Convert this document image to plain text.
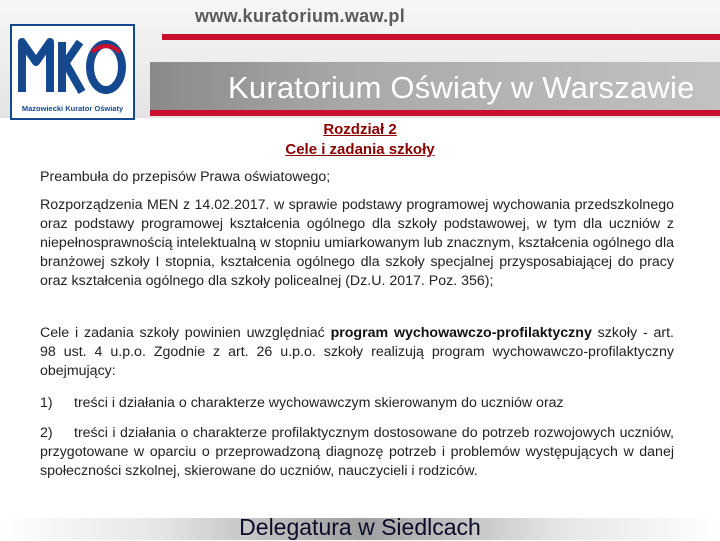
www.kuratorium.waw.pl
Kuratorium Oświaty w Warszawie
Mazowiecki Kurator Oświaty
Rozdział 2
Cele i zadania szkoły
Preambuła do przepisów Prawa oświatowego;
Rozporządzenia MEN z 14.02.2017. w sprawie podstawy programowej wychowania przedszkolnego oraz podstawy programowej kształcenia ogólnego dla szkoły podstawowej, w tym dla uczniów z niepełnosprawnością intelektualną w stopniu umiarkowanym lub znacznym, kształcenia ogólnego dla branżowej szkoły I stopnia, kształcenia ogólnego dla szkoły specjalnej przysposabiającej do pracy oraz kształcenia ogólnego dla szkoły policealnej (Dz.U. 2017. Poz. 356);
Cele i zadania szkoły powinien uwzględniać program wychowawczo-profilaktyczny szkoły - art. 98 ust. 4 u.p.o. Zgodnie z art. 26 u.p.o. szkoły realizują program wychowawczo-profilaktyczny obejmujący:
1) treści i działania o charakterze wychowawczym skierowanym do uczniów oraz
2) treści i działania o charakterze profilaktycznym dostosowane do potrzeb rozwojowych uczniów, przygotowane w oparciu o przeprowadzoną diagnozę potrzeb i problemów występujących w danej społeczności szkolnej, skierowane do uczniów, nauczycieli i rodziców.
Delegatura w Siedlcach
